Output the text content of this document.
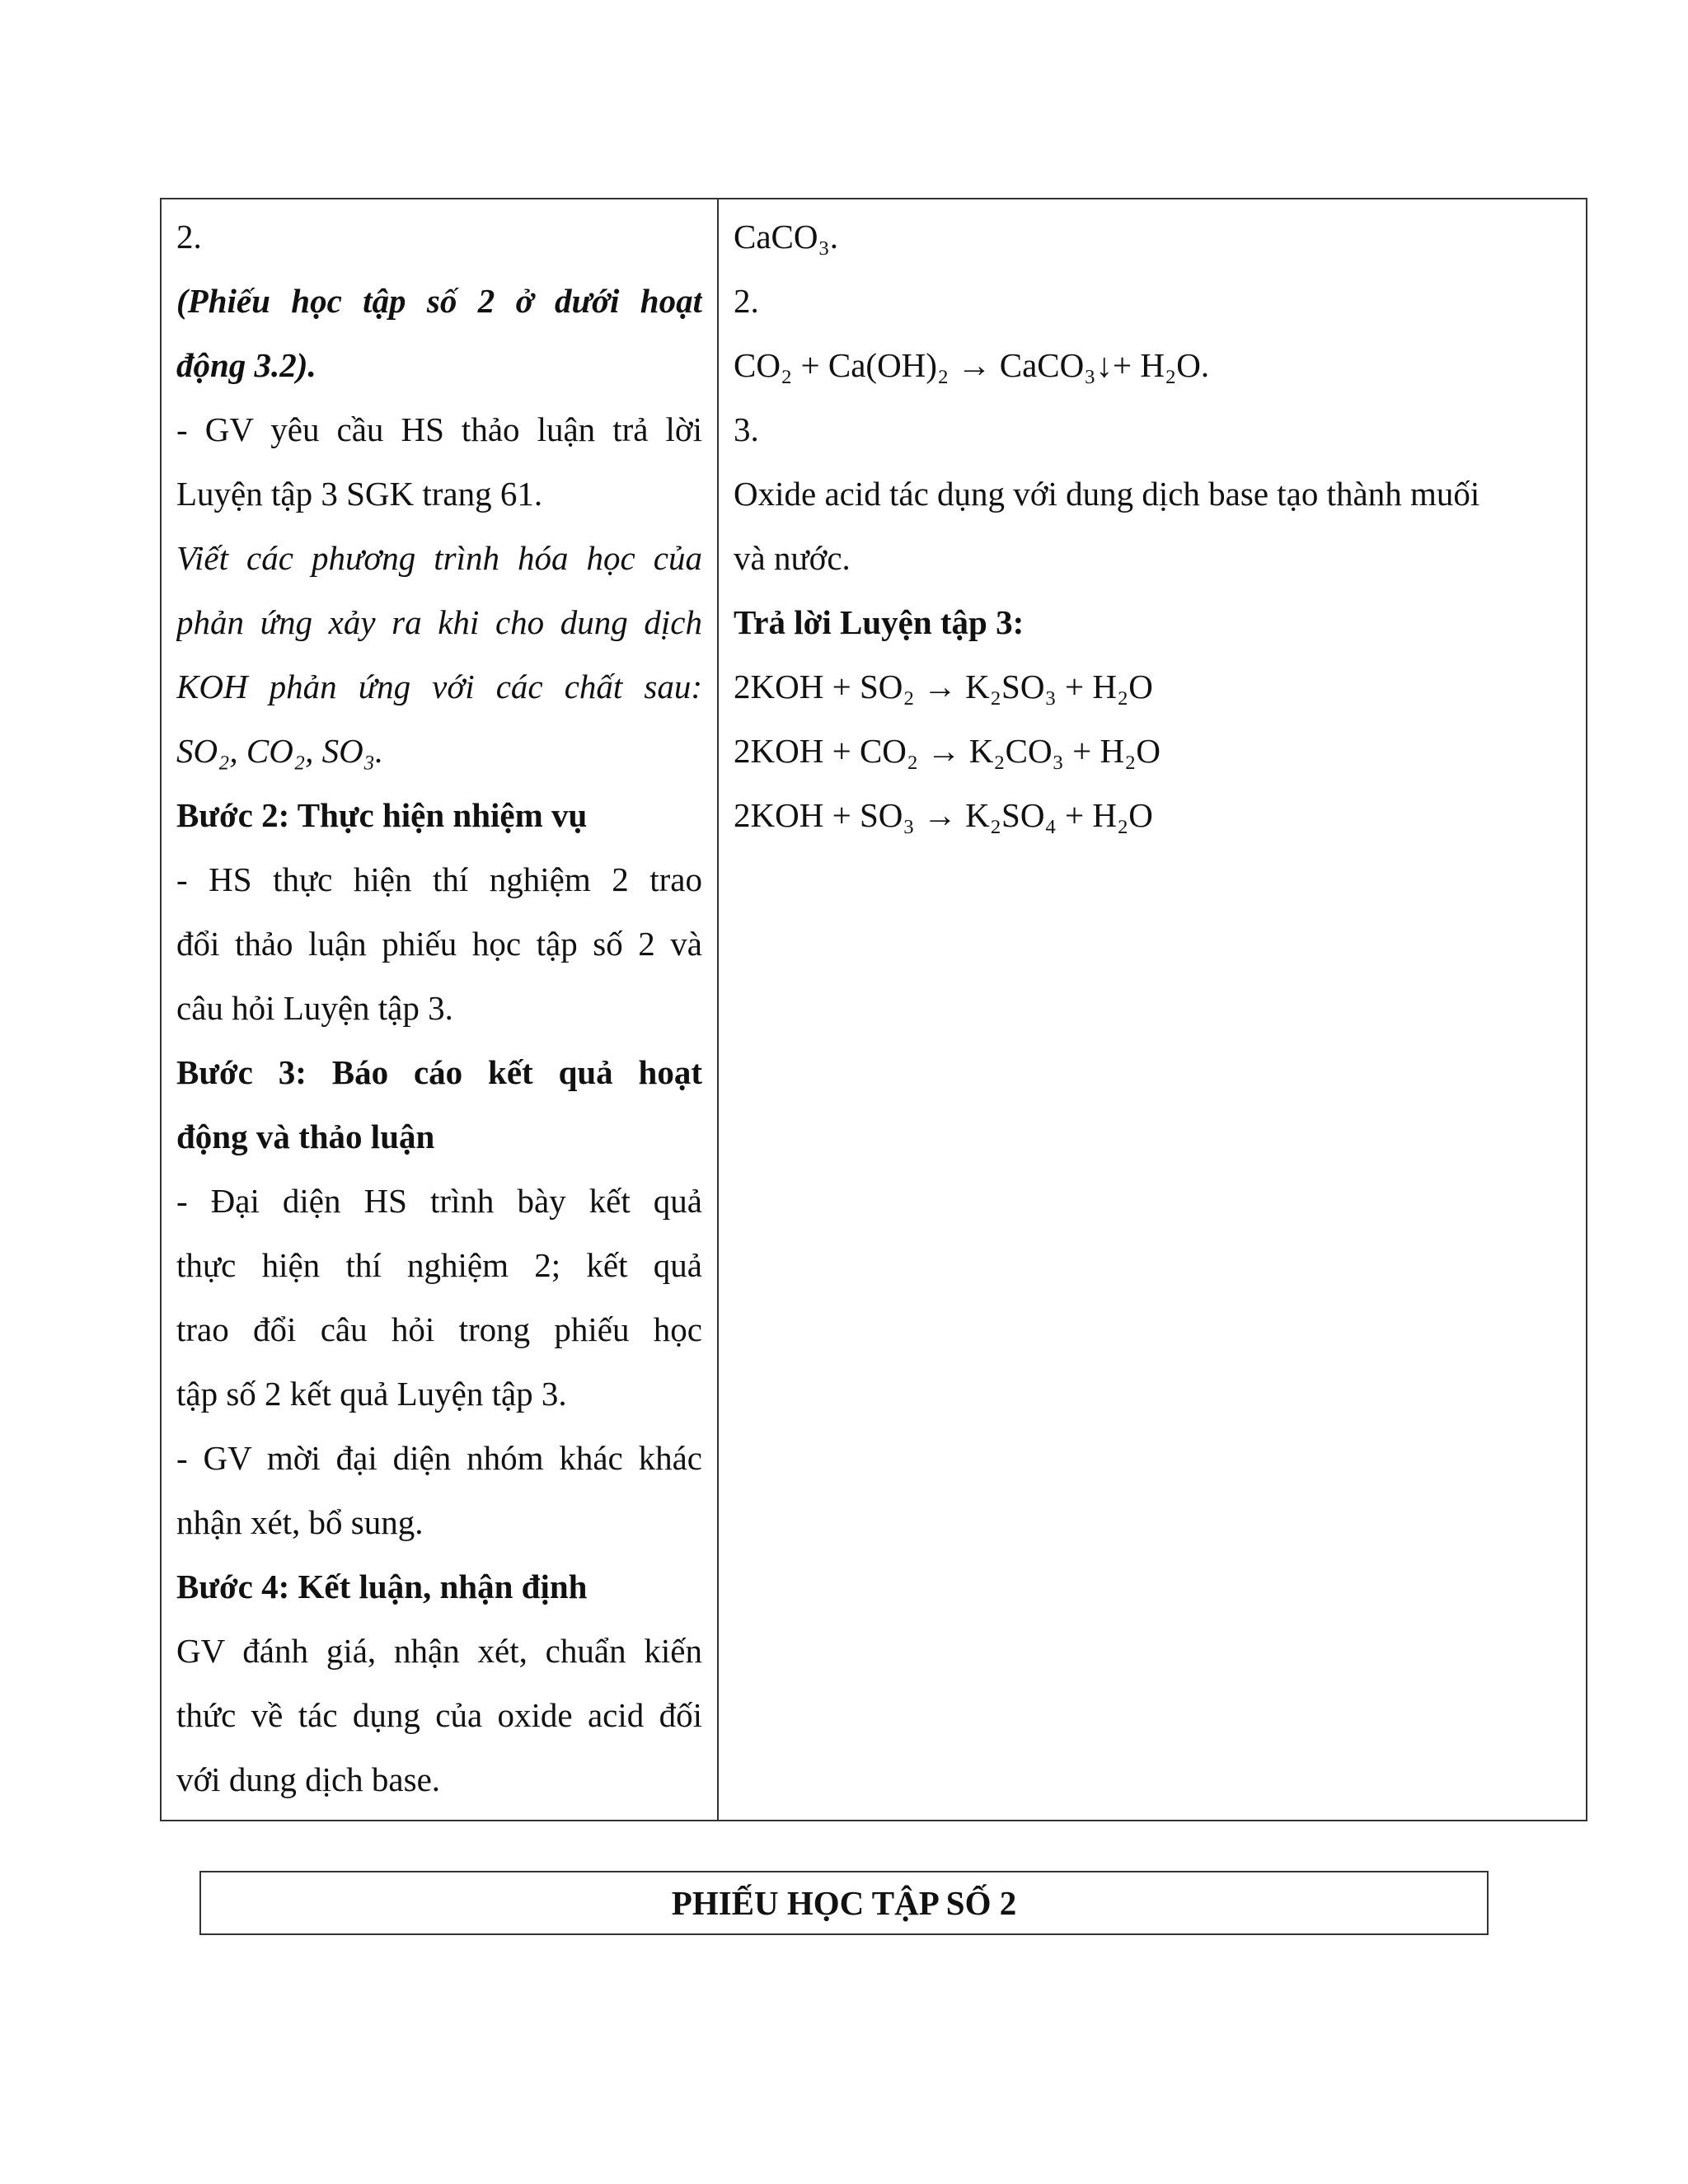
2.
(Phiếu học tập số 2 ở dưới hoạt
động 3.2).
- GV yêu cầu HS thảo luận trả lời
Luyện tập 3 SGK trang 61.
Viết các phương trình hóa học của
phản ứng xảy ra khi cho dung dịch
KOH phản ứng với các chất sau:
SO₂, CO₂, SO₃.
Bước 2: Thực hiện nhiệm vụ
- HS thực hiện thí nghiệm 2 trao
đổi thảo luận phiếu học tập số 2 và
câu hỏi Luyện tập 3.
Bước 3: Báo cáo kết quả hoạt
động và thảo luận
- Đại diện HS trình bày kết quả
thực hiện thí nghiệm 2; kết quả
trao đổi câu hỏi trong phiếu học
tập số 2 kết quả Luyện tập 3.
- GV mời đại diện nhóm khác khác
nhận xét, bổ sung.
Bước 4: Kết luận, nhận định
GV đánh giá, nhận xét, chuẩn kiến
thức về tác dụng của oxide acid đối
với dung dịch base.

CaCO₃.
2.
CO₂ + Ca(OH)₂ → CaCO₃↓+ H₂O.
3.
Oxide acid tác dụng với dung dịch base tạo thành muối
và nước.
Trả lời Luyện tập 3:
2KOH + SO₂ → K₂SO₃ + H₂O
2KOH + CO₂ → K₂CO₃ + H₂O
2KOH + SO₃ → K₂SO₄ + H₂O
PHIẾU HỌC TẬP SỐ 2
